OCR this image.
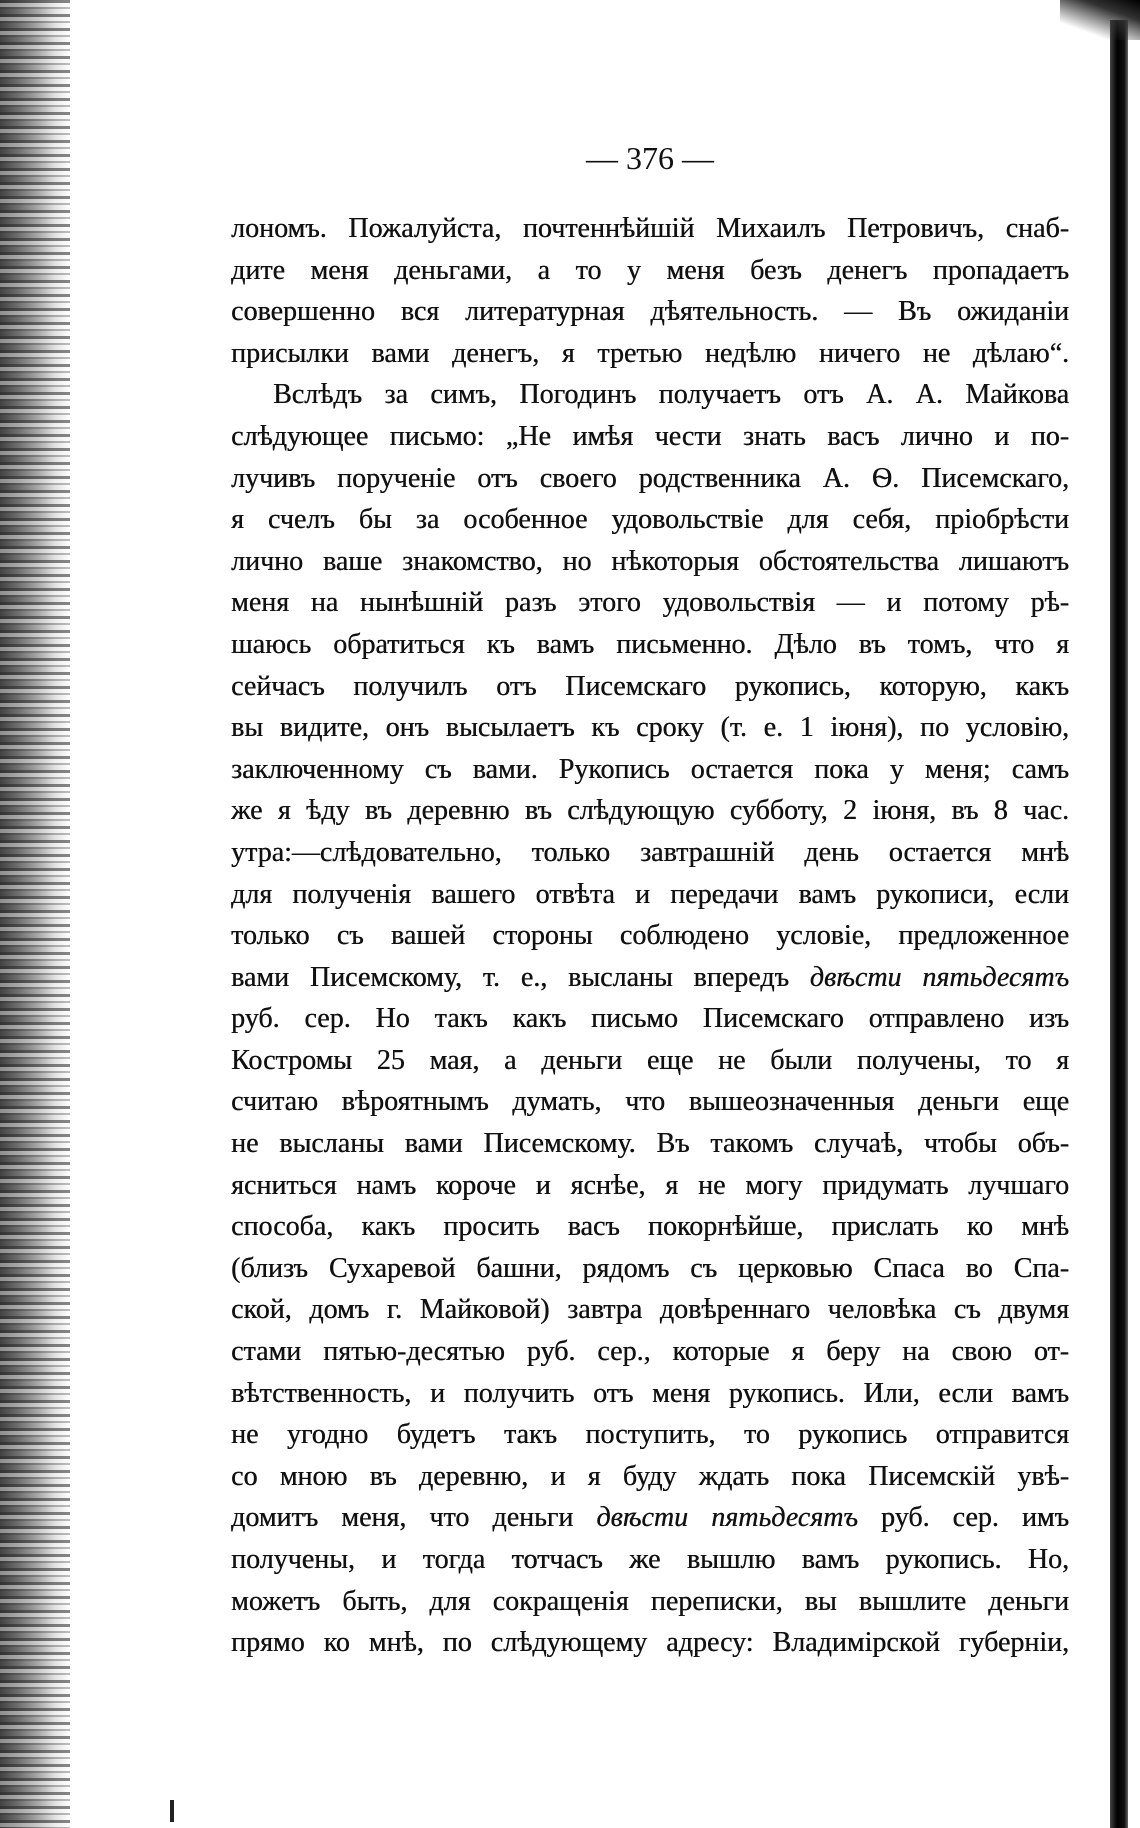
— 376 —
лономъ. Пожалуйста, почтеннѣйшій Михаилъ Петровичъ, снаб-
дите меня деньгами, а то у меня безъ денегъ пропадаетъ
совершенно вся литературная дѣятельность. — Въ ожиданіи
присылки вами денегъ, я третью недѣлю ничего не дѣлаю“.
Вслѣдъ за симъ, Погодинъ получаетъ отъ А. А. Майкова
слѣдующее письмо: „Не имѣя чести знать васъ лично и по-
лучивъ порученіе отъ своего родственника А. Ѳ. Писемскаго,
я счелъ бы за особенное удовольствіе для себя, пріобрѣсти
лично ваше знакомство, но нѣкоторыя обстоятельства лишаютъ
меня на нынѣшній разъ этого удовольствія — и потому рѣ-
шаюсь обратиться къ вамъ письменно. Дѣло въ томъ, что я
сейчасъ получилъ отъ Писемскаго рукопись, которую, какъ
вы видите, онъ высылаетъ къ сроку (т. е. 1 іюня), по условію,
заключенному съ вами. Рукопись остается пока у меня; самъ
же я ѣду въ деревню въ слѣдующую субботу, 2 іюня, въ 8 час.
утра:—слѣдовательно, только завтрашній день остается мнѣ
для полученія вашего отвѣта и передачи вамъ рукописи, если
только съ вашей стороны соблюдено условіе, предложенное
вами Писемскому, т. е., высланы впередъ двѣсти пятьдесятъ
руб. сер. Но такъ какъ письмо Писемскаго отправлено изъ
Костромы 25 мая, а деньги еще не были получены, то я
считаю вѣроятнымъ думать, что вышеозначенныя деньги еще
не высланы вами Писемскому. Въ такомъ случаѣ, чтобы объ-
ясниться намъ короче и яснѣе, я не могу придумать лучшаго
способа, какъ просить васъ покорнѣйше, прислать ко мнѣ
(близъ Сухаревой башни, рядомъ съ церковью Спаса во Спа-
ской, домъ г. Майковой) завтра довѣреннаго человѣка съ двумя
стами пятью-десятью руб. сер., которые я беру на свою от-
вѣтственность, и получить отъ меня рукопись. Или, если вамъ
не угодно будетъ такъ поступить, то рукопись отправится
со мною въ деревню, и я буду ждать пока Писемскій увѣ-
домитъ меня, что деньги двѣсти пятьдесятъ руб. сер. имъ
получены, и тогда тотчасъ же вышлю вамъ рукопись. Но,
можетъ быть, для сокращенія переписки, вы вышлите деньги
прямо ко мнѣ, по слѣдующему адресу: Владимірской губерніи,
